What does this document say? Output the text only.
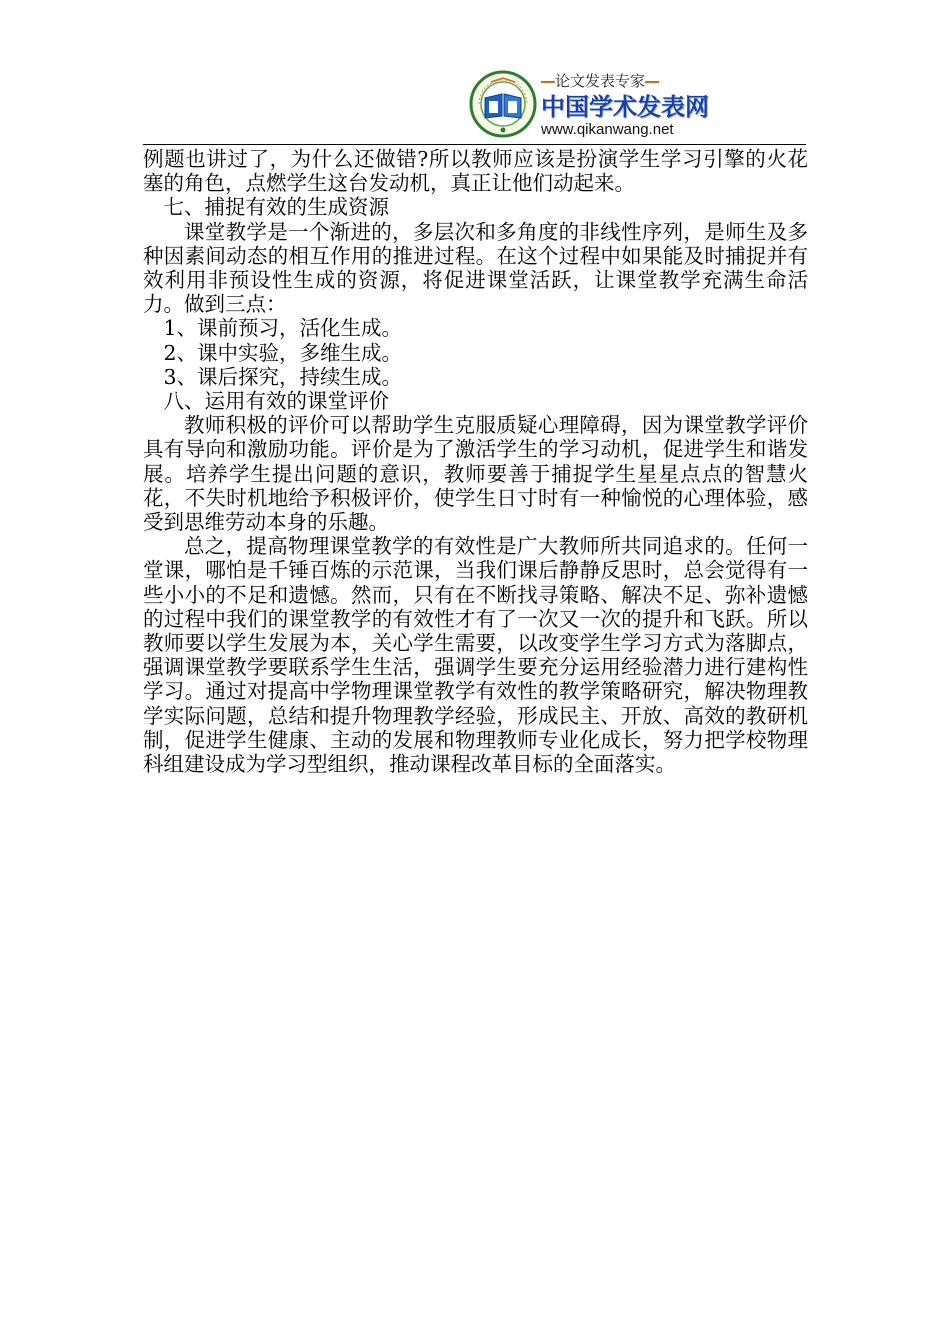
论文发表专家
中国学术发表网
www.qikanwang.net

例题也讲过了，为什么还做错?所以教师应该是扮演学生学习引擎的火花塞的角色，点燃学生这台发动机，真正让他们动起来。

七、捕捉有效的生成资源

课堂教学是一个渐进的，多层次和多角度的非线性序列，是师生及多种因素间动态的相互作用的推进过程。在这个过程中如果能及时捕捉并有效利用非预设性生成的资源，将促进课堂活跃，让课堂教学充满生命活力。做到三点：

1、课前预习，活化生成。

2、课中实验，多维生成。

3、课后探究，持续生成。

八、运用有效的课堂评价

教师积极的评价可以帮助学生克服质疑心理障碍，因为课堂教学评价具有导向和激励功能。评价是为了激活学生的学习动机，促进学生和谐发展。培养学生提出问题的意识，教师要善于捕捉学生星星点点的智慧火花，不失时机地给予积极评价，使学生日寸时有一种愉悦的心理体验，感受到思维劳动本身的乐趣。

总之，提高物理课堂教学的有效性是广大教师所共同追求的。任何一堂课，哪怕是千锤百炼的示范课，当我们课后静静反思时，总会觉得有一些小小的不足和遗憾。然而，只有在不断找寻策略、解决不足、弥补遗憾的过程中我们的课堂教学的有效性才有了一次又一次的提升和飞跃。所以教师要以学生发展为本，关心学生需要，以改变学生学习方式为落脚点，强调课堂教学要联系学生生活，强调学生要充分运用经验潜力进行建构性学习。通过对提高中学物理课堂教学有效性的教学策略研究，解决物理教学实际问题，总结和提升物理教学经验，形成民主、开放、高效的教研机制，促进学生健康、主动的发展和物理教师专业化成长，努力把学校物理科组建设成为学习型组织，推动课程改革目标的全面落实。
